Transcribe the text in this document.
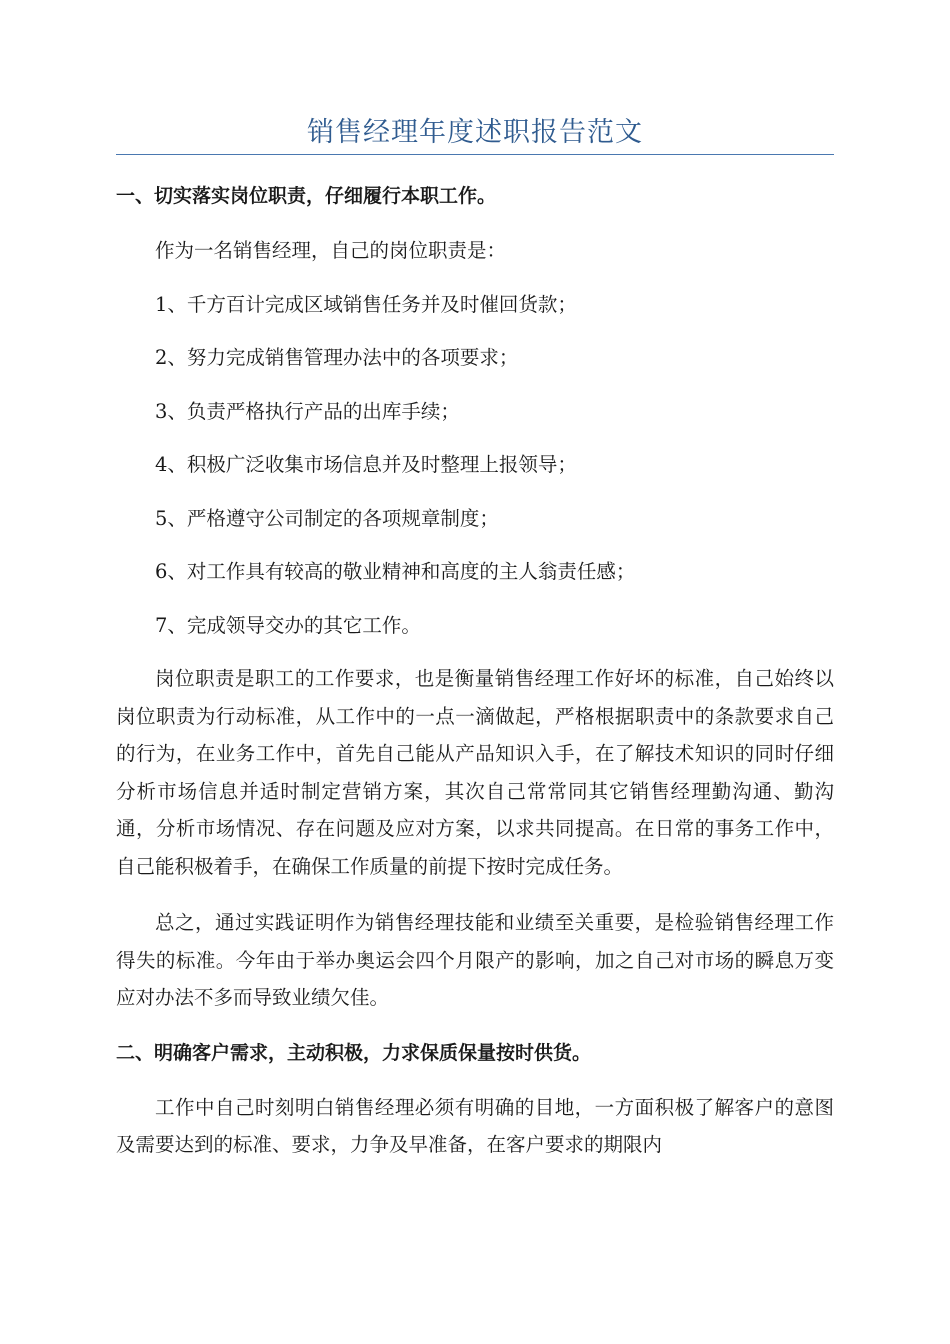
销售经理年度述职报告范文

一、切实落实岗位职责，仔细履行本职工作。

作为一名销售经理，自己的岗位职责是：

1、千方百计完成区域销售任务并及时催回货款；

2、努力完成销售管理办法中的各项要求；

3、负责严格执行产品的出库手续；

4、积极广泛收集市场信息并及时整理上报领导；

5、严格遵守公司制定的各项规章制度；

6、对工作具有较高的敬业精神和高度的主人翁责任感；

7、完成领导交办的其它工作。

岗位职责是职工的工作要求，也是衡量销售经理工作好坏的标准，自己始终以岗位职责为行动标准，从工作中的一点一滴做起，严格根据职责中的条款要求自己的行为，在业务工作中，首先自己能从产品知识入手，在了解技术知识的同时仔细分析市场信息并适时制定营销方案，其次自己常常同其它销售经理勤沟通、勤沟通，分析市场情况、存在问题及应对方案，以求共同提高。在日常的事务工作中，自己能积极着手，在确保工作质量的前提下按时完成任务。

总之，通过实践证明作为销售经理技能和业绩至关重要，是检验销售经理工作得失的标准。今年由于举办奥运会四个月限产的影响，加之自己对市场的瞬息万变应对办法不多而导致业绩欠佳。

二、明确客户需求，主动积极，力求保质保量按时供货。

工作中自己时刻明白销售经理必须有明确的目地，一方面积极了解客户的意图及需要达到的标准、要求，力争及早准备，在客户要求的期限内
